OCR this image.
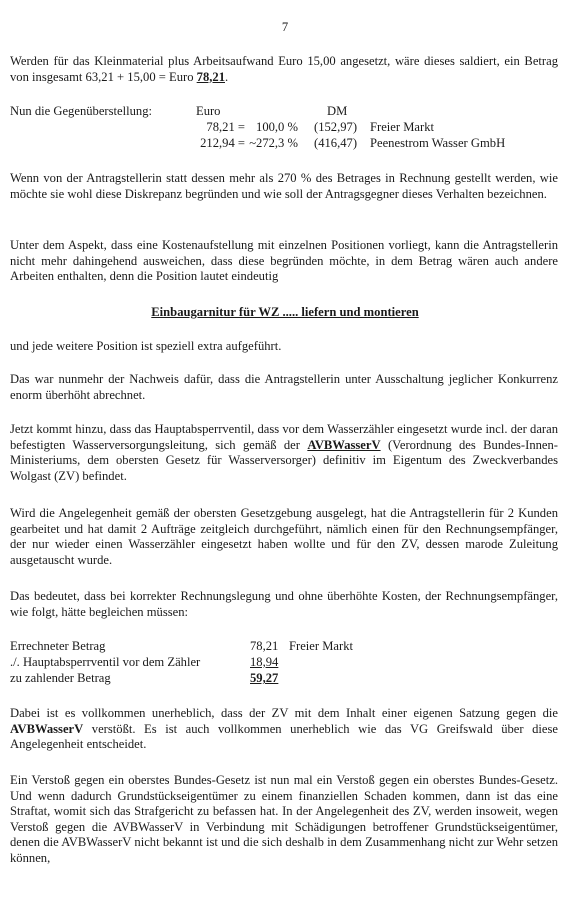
7

Werden für das Kleinmaterial plus Arbeitsaufwand Euro 15,00 angesetzt, wäre dieses saldiert, ein Betrag von insgesamt 63,21 + 15,00 = Euro 78,21.

Nun die Gegenüberstellung:	Euro	DM
78,21 = 100,0 % (152,97) Freier Markt
212,94 = ~272,3 % (416,47) Peenestrom Wasser GmbH

Wenn von der Antragstellerin statt dessen mehr als 270 % des Betrages in Rechnung gestellt werden, wie möchte sie wohl diese Diskrepanz begründen und wie soll der Antragsgegner dieses Verhalten bezeichnen.

Unter dem Aspekt, dass eine Kostenaufstellung mit einzelnen Positionen vorliegt, kann die Antragstellerin nicht mehr dahingehend ausweichen, dass diese begründen möchte, in dem Betrag wären auch andere Arbeiten enthalten, denn die Position lautet eindeutig

Einbaugarnitur für WZ ..... liefern und montieren

und jede weitere Position ist speziell extra aufgeführt.

Das war nunmehr der Nachweis dafür, dass die Antragstellerin unter Ausschaltung jeglicher Konkurrenz enorm überhöht abrechnet.

Jetzt kommt hinzu, dass das Hauptabsperrventil, dass vor dem Wasserzähler eingesetzt wurde incl. der daran befestigten Wasserversorgungsleitung, sich gemäß der AVBWasserV (Verordnung des Bundes-Innen-Ministeriums, dem obersten Gesetz für Wasserversorger) definitiv im Eigentum des Zweckverbandes Wolgast (ZV) befindet.

Wird die Angelegenheit gemäß der obersten Gesetzgebung ausgelegt, hat die Antragstellerin für 2 Kunden gearbeitet und hat damit 2 Aufträge zeitgleich durchgeführt, nämlich einen für den Rechnungsempfänger, der nur wieder einen Wasserzähler eingesetzt haben wollte und für den ZV, dessen marode Zuleitung ausgetauscht wurde.

Das bedeutet, dass bei korrekter Rechnungslegung und ohne überhöhte Kosten, der Rechnungsempfänger, wie folgt, hätte begleichen müssen:

Errechneter Betrag	78,21 Freier Markt
./. Hauptabsperrventil vor dem Zähler	18,94
zu zahlender Betrag	59,27

Dabei ist es vollkommen unerheblich, dass der ZV mit dem Inhalt einer eigenen Satzung gegen die AVBWasserV verstößt. Es ist auch vollkommen unerheblich wie das VG Greifswald über diese Angelegenheit entscheidet.

Ein Verstoß gegen ein oberstes Bundes-Gesetz ist nun mal ein Verstoß gegen ein oberstes Bundes-Gesetz. Und wenn dadurch Grundstückseigentümer zu einem finanziellen Schaden kommen, dann ist das eine Straftat, womit sich das Strafgericht zu befassen hat. In der Angelegenheit des ZV, werden insoweit, wegen Verstoß gegen die AVBWasserV in Verbindung mit Schädigungen betroffener Grundstückseigentümer, denen die AVBWasserV nicht bekannt ist und die sich deshalb in dem Zusammenhang nicht zur Wehr setzen können,
